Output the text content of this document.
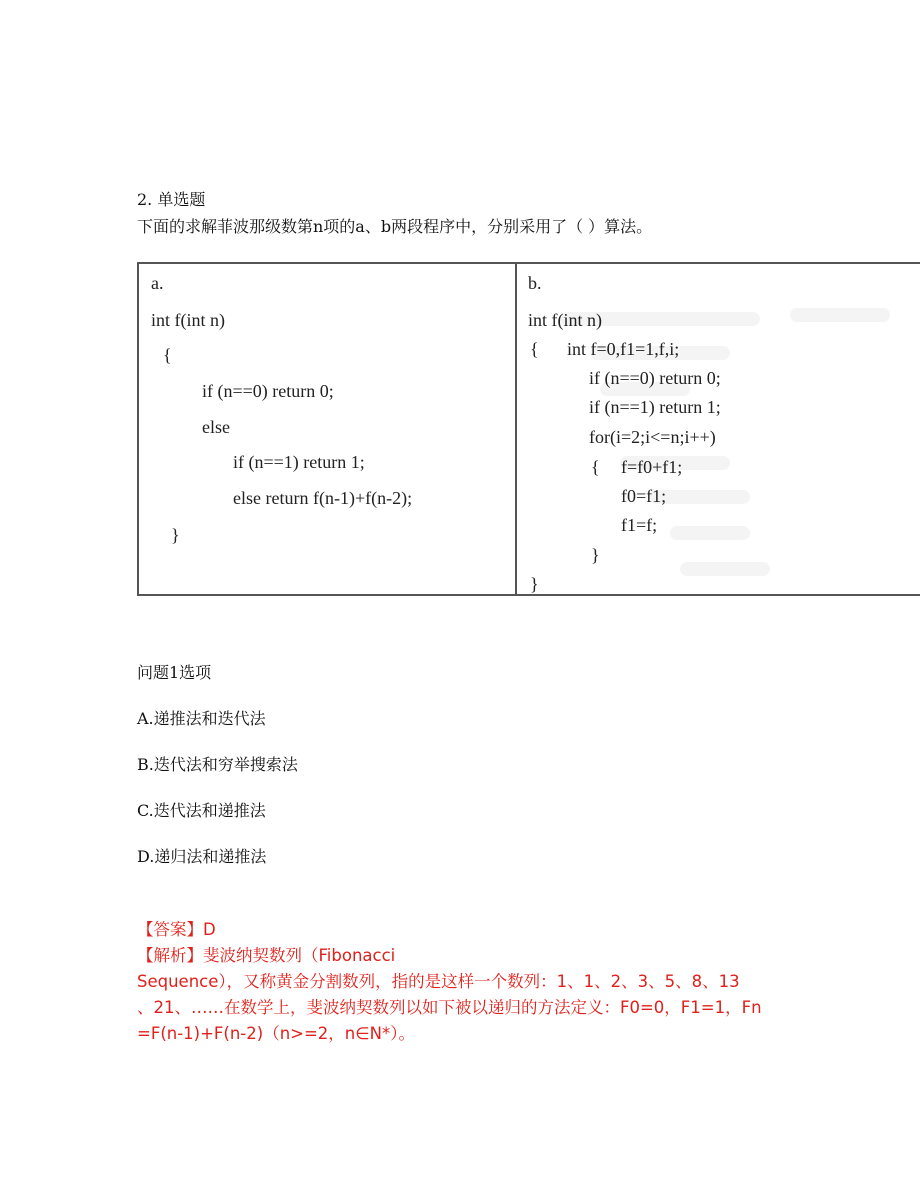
2. 单选题
下面的求解菲波那级数第n项的a、b两段程序中，分别采用了（ ）算法。
a.
int f(int n)
{
if (n==0) return 0;
else
if (n==1) return 1;
else return f(n-1)+f(n-2);
}
b.
int f(int n)
{ int f=0,f1=1,f,i;
if (n==0) return 0;
if (n==1) return 1;
for(i=2;i<=n;i++)
{ f=f0+f1;
f0=f1;
f1=f;
}
}
问题1选项
A.递推法和迭代法
B.迭代法和穷举搜索法
C.迭代法和递推法
D.递归法和递推法
【答案】D
【解析】斐波纳契数列（Fibonacci
Sequence），又称黄金分割数列，指的是这样一个数列：1、1、2、3、5、8、13
、21、……在数学上，斐波纳契数列以如下被以递归的方法定义：F0=0，F1=1，Fn
=F(n-1)+F(n-2)（n>=2，n∈N*）。
